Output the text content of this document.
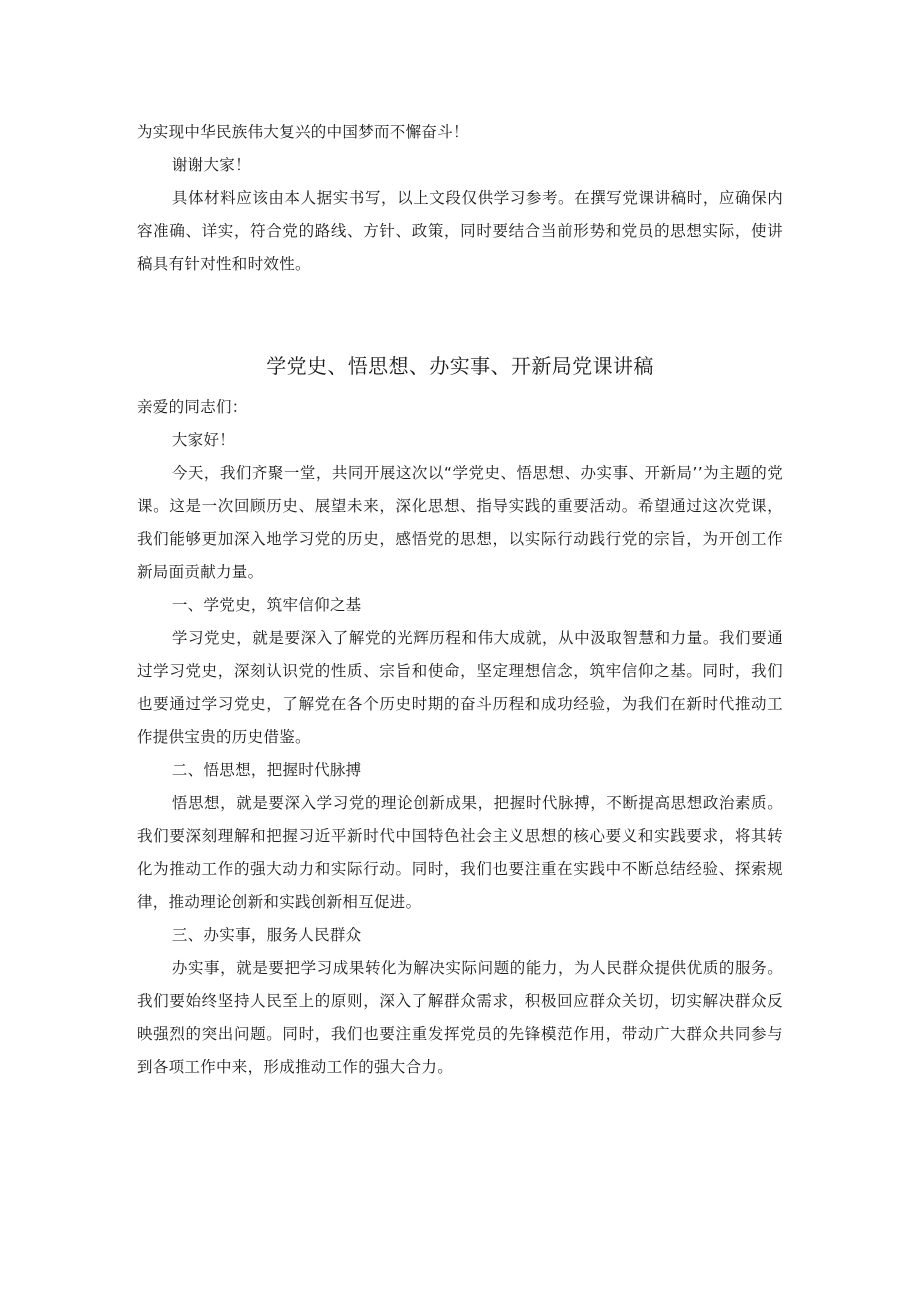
为实现中华民族伟大复兴的中国梦而不懈奋斗！

谢谢大家！

具体材料应该由本人据实书写，以上文段仅供学习参考。在撰写党课讲稿时，应确保内容准确、详实，符合党的路线、方针、政策，同时要结合当前形势和党员的思想实际，使讲稿具有针对性和时效性。

学党史、悟思想、办实事、开新局党课讲稿

亲爱的同志们：

大家好！

今天，我们齐聚一堂，共同开展这次以“学党史、悟思想、办实事、开新局’’为主题的党课。这是一次回顾历史、展望未来，深化思想、指导实践的重要活动。希望通过这次党课，我们能够更加深入地学习党的历史，感悟党的思想，以实际行动践行党的宗旨，为开创工作新局面贡献力量。

一、学党史，筑牢信仰之基

学习党史，就是要深入了解党的光辉历程和伟大成就，从中汲取智慧和力量。我们要通过学习党史，深刻认识党的性质、宗旨和使命，坚定理想信念，筑牢信仰之基。同时，我们也要通过学习党史，了解党在各个历史时期的奋斗历程和成功经验，为我们在新时代推动工作提供宝贵的历史借鉴。

二、悟思想，把握时代脉搏

悟思想，就是要深入学习党的理论创新成果，把握时代脉搏，不断提高思想政治素质。我们要深刻理解和把握习近平新时代中国特色社会主义思想的核心要义和实践要求，将其转化为推动工作的强大动力和实际行动。同时，我们也要注重在实践中不断总结经验、探索规律，推动理论创新和实践创新相互促进。

三、办实事，服务人民群众

办实事，就是要把学习成果转化为解决实际问题的能力，为人民群众提供优质的服务。我们要始终坚持人民至上的原则，深入了解群众需求，积极回应群众关切，切实解决群众反映强烈的突出问题。同时，我们也要注重发挥党员的先锋模范作用，带动广大群众共同参与到各项工作中来，形成推动工作的强大合力。
